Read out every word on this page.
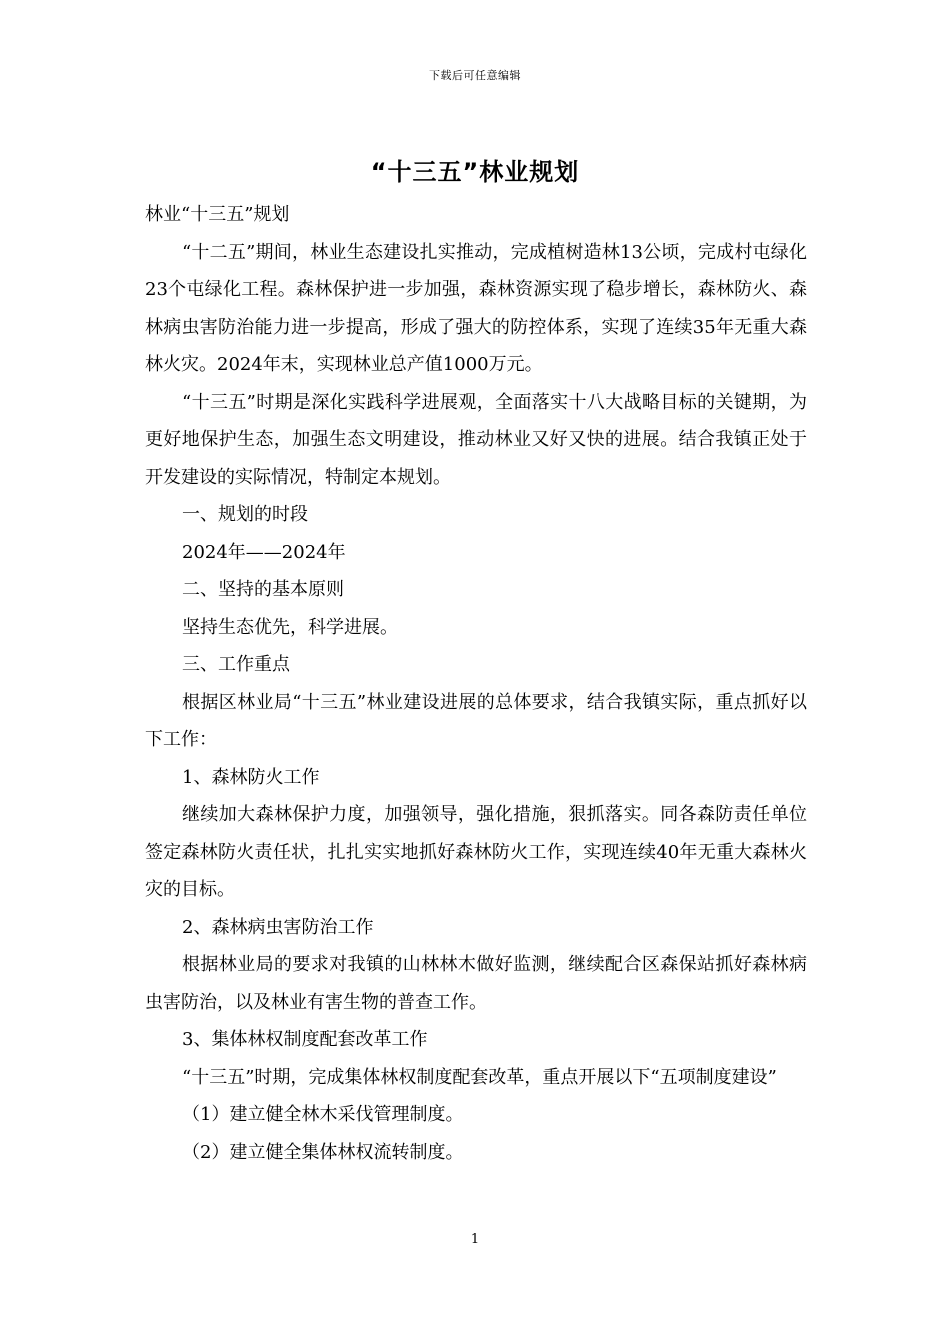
下载后可任意编辑
“十三五”林业规划

林业“十三五”规划

“十二五”期间，林业生态建设扎实推动，完成植树造林13公顷，完成村屯绿化23个屯绿化工程。森林保护进一步加强，森林资源实现了稳步增长，森林防火、森林病虫害防治能力进一步提高，形成了强大的防控体系，实现了连续35年无重大森林火灾。2024年末，实现林业总产值1000万元。

“十三五”时期是深化实践科学进展观，全面落实十八大战略目标的关键期，为更好地保护生态，加强生态文明建设，推动林业又好又快的进展。结合我镇正处于开发建设的实际情况，特制定本规划。

一、规划的时段

2024年——2024年

二、坚持的基本原则

坚持生态优先，科学进展。

三、工作重点

根据区林业局“十三五”林业建设进展的总体要求，结合我镇实际，重点抓好以下工作：

1、森林防火工作

继续加大森林保护力度，加强领导，强化措施，狠抓落实。同各森防责任单位签定森林防火责任状，扎扎实实地抓好森林防火工作，实现连续40年无重大森林火灾的目标。

2、森林病虫害防治工作

根据林业局的要求对我镇的山林林木做好监测，继续配合区森保站抓好森林病虫害防治，以及林业有害生物的普查工作。

3、集体林权制度配套改革工作

“十三五”时期，完成集体林权制度配套改革，重点开展以下“五项制度建设”

（1）建立健全林木采伐管理制度。

（2）建立健全集体林权流转制度。

1
